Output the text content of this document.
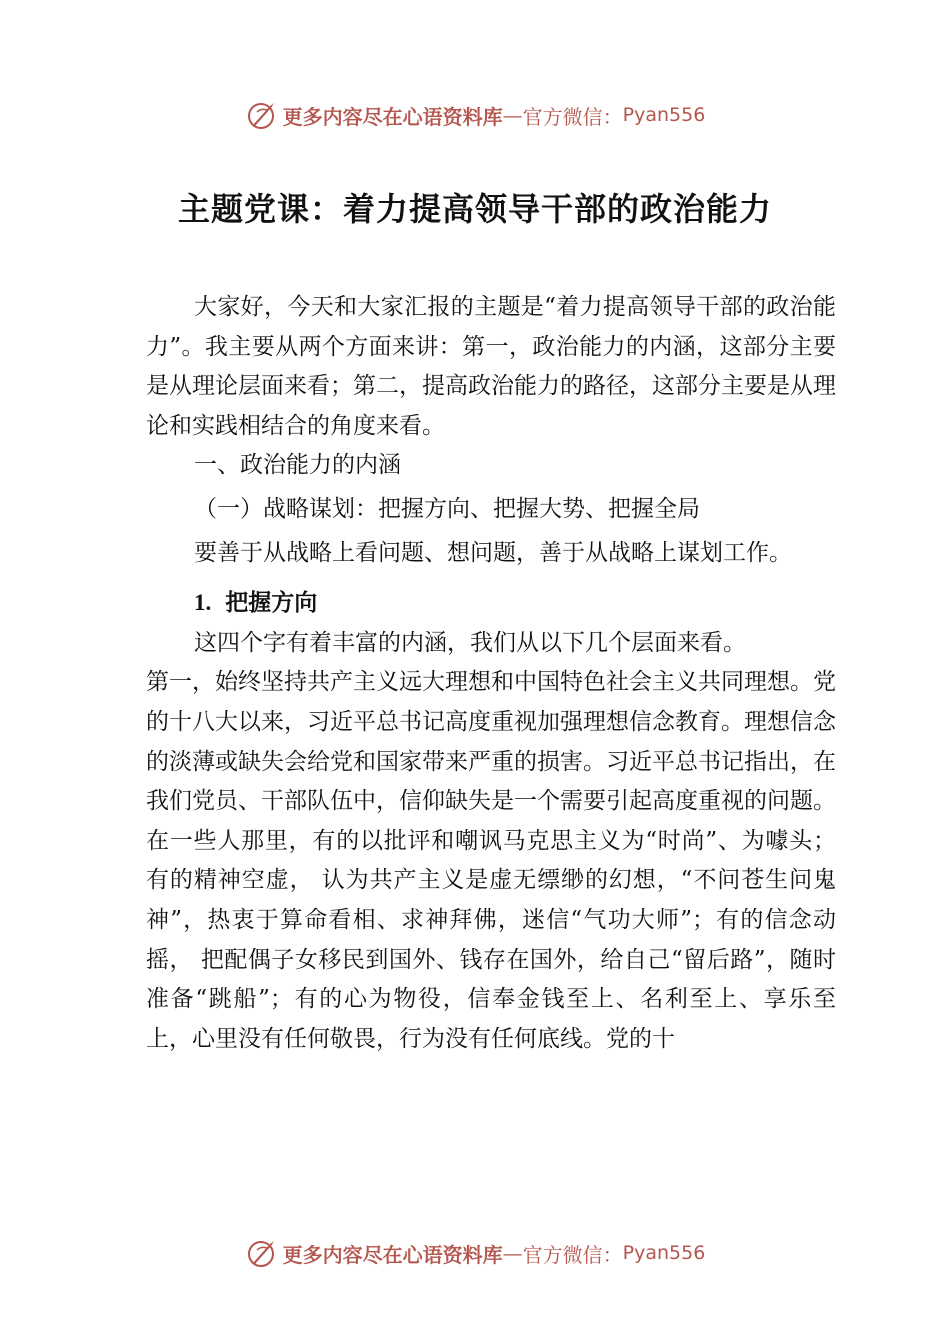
更多内容尽在心语资料库 — 官方微信： Pyan556
主题党课：着力提高领导干部的政治能力

大家好，今天和大家汇报的主题是“着力提高领导干部的政治能力”。我主要从两个方面来讲：第一，政治能力的内涵，这部分主要是从理论层面来看；第二，提高政治能力的路径，这部分主要是从理论和实践相结合的角度来看。

一、政治能力的内涵

（一）战略谋划：把握方向、把握大势、把握全局

要善于从战略上看问题、想问题，善于从战略上谋划工作。

1. 把握方向

这四个字有着丰富的内涵，我们从以下几个层面来看。

第一，始终坚持共产主义远大理想和中国特色社会主义共同理想。党的十八大以来，习近平总书记高度重视加强理想信念教育。理想信念的淡薄或缺失会给党和国家带来严重的损害。习近平总书记指出，在我们党员、干部队伍中，信仰缺失是一个需要引起高度重视的问题。在一些人那里，有的以批评和嘲讽马克思主义为“时尚”、为噱头；有的精神空虚， 认为共产主义是虚无缥缈的幻想，“不问苍生问鬼神”，热衷于算命看相、求神拜佛，迷信“气功大师”；有的信念动摇， 把配偶子女移民到国外、钱存在国外，给自己“留后路”，随时准备“跳船”；有的心为物役，信奉金钱至上、名利至上、享乐至上，心里没有任何敬畏，行为没有任何底线。党的十

更多内容尽在心语资料库 — 官方微信： Pyan556
